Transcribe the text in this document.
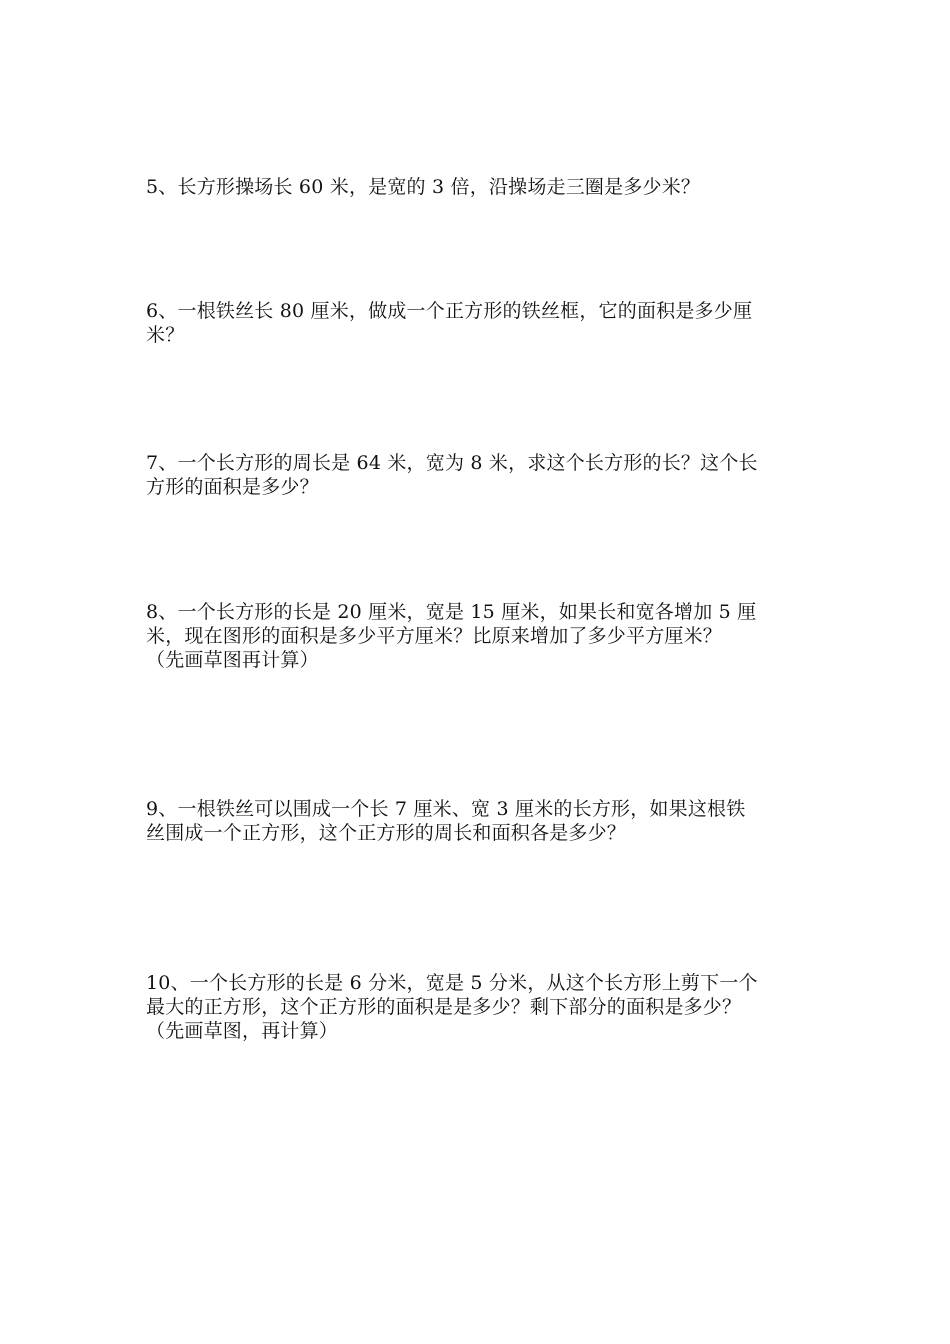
5、长方形操场长 60 米，是宽的 3 倍，沿操场走三圈是多少米？
6、一根铁丝长 80 厘米，做成一个正方形的铁丝框，它的面积是多少厘
米？
7、一个长方形的周长是 64 米，宽为 8 米，求这个长方形的长？这个长
方形的面积是多少？
8、一个长方形的长是 20 厘米，宽是 15 厘米，如果长和宽各增加 5 厘
米，现在图形的面积是多少平方厘米？比原来增加了多少平方厘米？
（先画草图再计算）
9、一根铁丝可以围成一个长 7 厘米、宽 3 厘米的长方形，如果这根铁
丝围成一个正方形，这个正方形的周长和面积各是多少？
10、一个长方形的长是 6 分米，宽是 5 分米，从这个长方形上剪下一个
最大的正方形，这个正方形的面积是是多少？剩下部分的面积是多少？
（先画草图，再计算）
